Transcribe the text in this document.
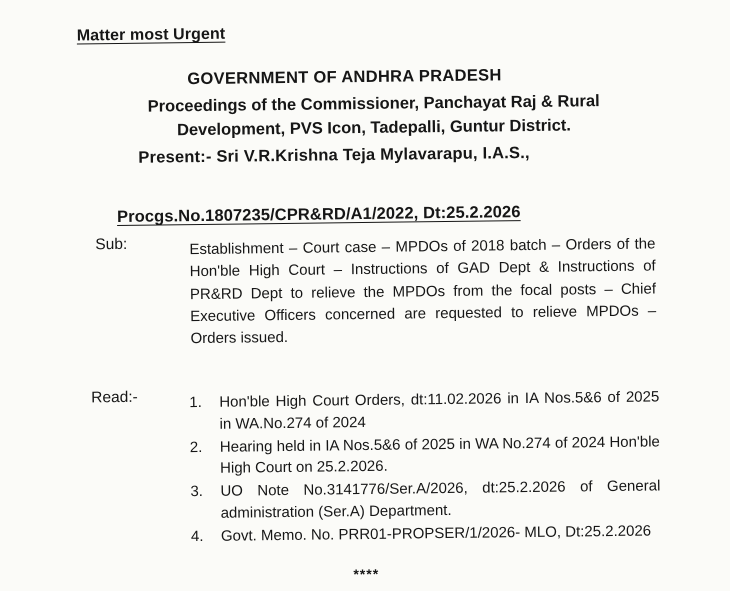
Matter most Urgent
GOVERNMENT OF ANDHRA PRADESH
Proceedings of the Commissioner, Panchayat Raj & Rural Development, PVS Icon, Tadepalli, Guntur District.
Present:- Sri V.R.Krishna Teja Mylavarapu, I.A.S.,
Procgs.No.1807235/CPR&RD/A1/2022, Dt:25.2.2026
Sub:	Establishment – Court case – MPDOs of 2018 batch – Orders of the Hon'ble High Court – Instructions of GAD Dept & Instructions of PR&RD Dept to relieve the MPDOs from the focal posts – Chief Executive Officers concerned are requested to relieve MPDOs – Orders issued.
Read:-	1.	Hon'ble High Court Orders, dt:11.02.2026 in IA Nos.5&6 of 2025 in WA.No.274 of 2024
2.	Hearing held in IA Nos.5&6 of 2025 in WA No.274 of 2024 Hon'ble High Court on 25.2.2026.
3.	UO Note No.3141776/Ser.A/2026, dt:25.2.2026 of General administration (Ser.A) Department.
4.	Govt. Memo. No. PRR01-PROPSER/1/2026- MLO, Dt:25.2.2026
****
